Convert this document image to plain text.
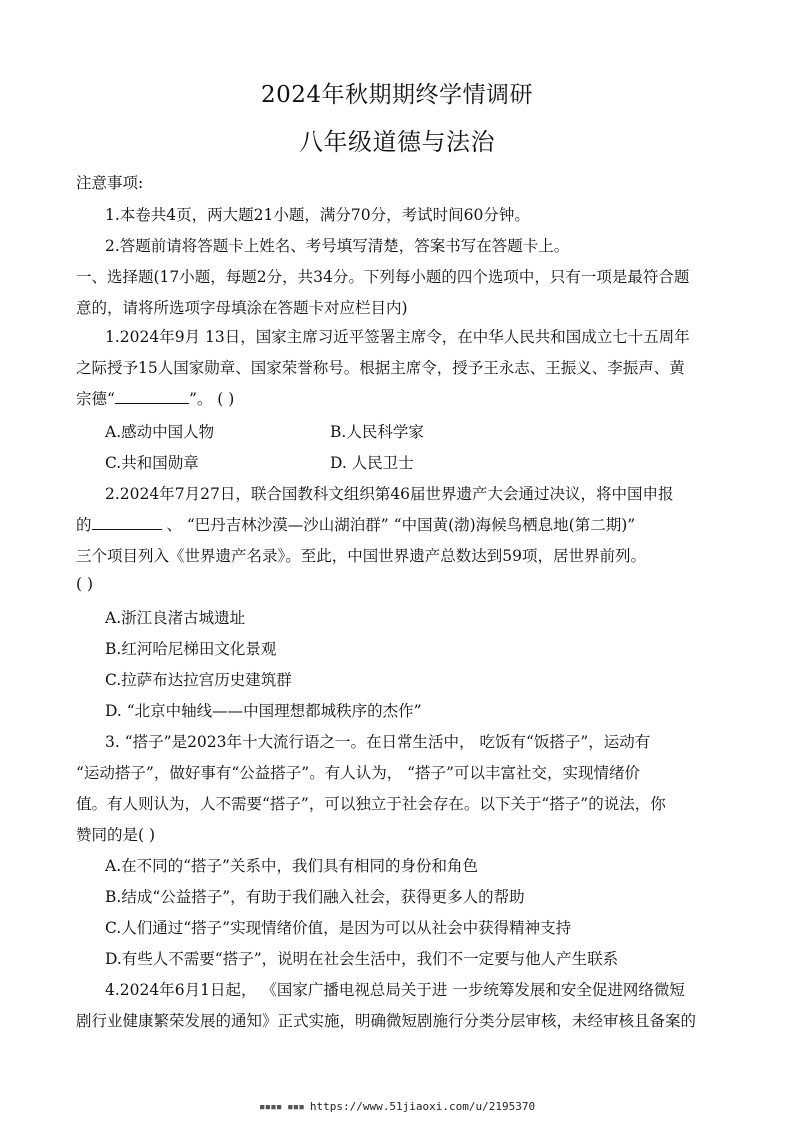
2024年秋期期终学情调研
八年级道德与法治
注意事项:
1.本卷共4页，两大题21小题，满分70分，考试时间60分钟。
2.答题前请将答题卡上姓名、考号填写清楚，答案书写在答题卡上。
一、选择题(17小题，每题2分，共34分。下列每小题的四个选项中，只有一项是最符合题
意的，请将所选项字母填涂在答题卡对应栏目内)
1.2024年9月 13日，国家主席习近平签署主席令，在中华人民共和国成立七十五周年
之际授予15人国家勋章、国家荣誉称号。根据主席令，授予王永志、王振义、李振声、黄
宗德“	”。 ( )
A.感动中国人物	B.人民科学家
C.共和国勋章	D. 人民卫士
2.2024年7月27日，联合国教科文组织第46届世界遗产大会通过决议，将中国申报
的	、 “巴丹吉林沙漠—沙山湖泊群” “中国黄(渤)海候鸟栖息地(第二期)”
三个项目列入《世界遗产名录》。至此，中国世界遗产总数达到59项，居世界前列。
( )
A.浙江良渚古城遗址
B.红河哈尼梯田文化景观
C.拉萨布达拉宫历史建筑群
D. “北京中轴线——中国理想都城秩序的杰作”
3. “搭子”是2023年十大流行语之一。在日常生活中， 吃饭有“饭搭子”，运动有
“运动搭子”，做好事有“公益搭子”。有人认为， “搭子”可以丰富社交，实现情绪价
值。有人则认为，人不需要“搭子”，可以独立于社会存在。以下关于“搭子”的说法，你
赞同的是( )
A.在不同的“搭子”关系中，我们具有相同的身份和角色
B.结成“公益搭子”，有助于我们融入社会，获得更多人的帮助
C.人们通过“搭子”实现情绪价值，是因为可以从社会中获得精神支持
D.有些人不需要“搭子”，说明在社会生活中，我们不一定要与他人产生联系
4.2024年6月1日起， 《国家广播电视总局关于进 一步统筹发展和安全促进网络微短
剧行业健康繁荣发展的通知》正式实施，明确微短剧施行分类分层审核，未经审核且备案的
▪▪▪▪ ▪▪▪ https://www.51jiaoxi.com/u/2195370
